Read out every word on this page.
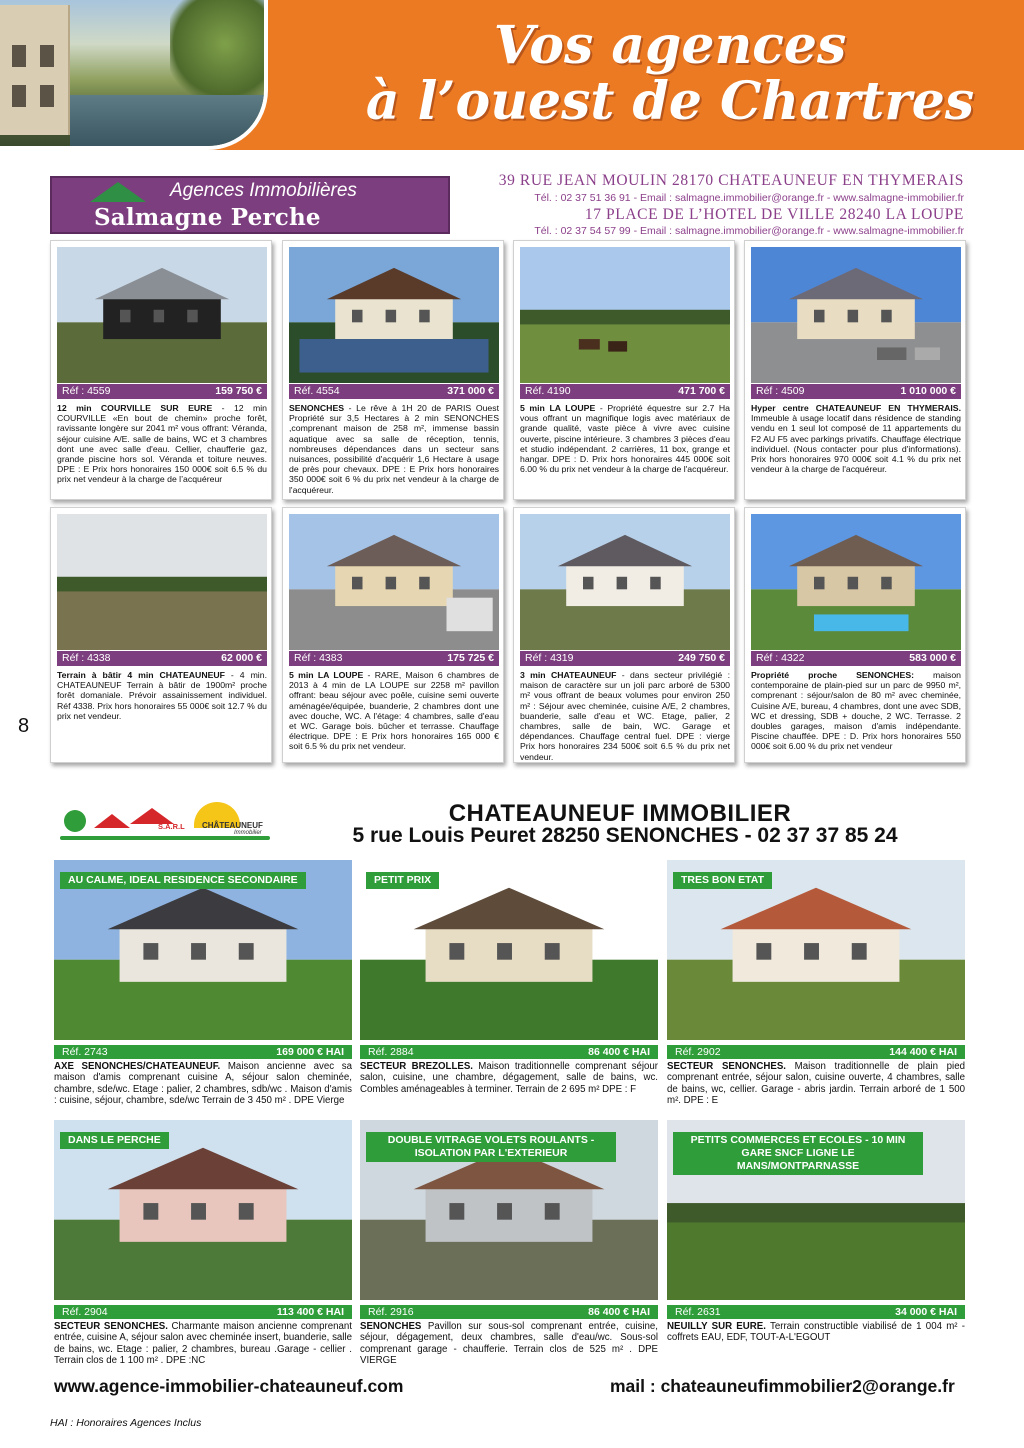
Vos agences
à l’ouest de Chartres
Agences Immobilières
Salmagne Perche
39 RUE JEAN MOULIN 28170 CHATEAUNEUF EN THYMERAIS
Tél. : 02 37 51 36 91 - Email : salmagne.immobilier@orange.fr - www.salmagne-immobilier.fr
17 PLACE DE L’HOTEL DE VILLE 28240 LA LOUPE
Tél. : 02 37 54 57 99 - Email : salmagne.immobilier@orange.fr - www.salmagne-immobilier.fr
Réf : 4559	159 750 €
12 min COURVILLE SUR EURE - 12 min COURVILLE «En bout de chemin» proche forêt, ravissante longère sur 2041 m² vous offrant: Véranda, séjour cuisine A/E. salle de bains, WC et 3 chambres dont une avec salle d'eau. Cellier, chaufferie gaz, grande piscine hors sol. Véranda et toiture neuves. DPE : E Prix hors honoraires 150 000€ soit 6.5 % du prix net vendeur à la charge de l’acquéreur
Réf. 4554	371 000 €
SENONCHES - Le rêve à 1H 20 de PARIS Ouest Propriété sur 3,5 Hectares à 2 min SENONCHES ,comprenant maison de 258 m², immense bassin aquatique avec sa salle de réception, tennis, nombreuses dépendances dans un secteur sans nuisances, possibilité d'acquérir 1,6 Hectare à usage de près pour chevaux. DPE : E Prix hors honoraires 350 000€ soit 6 % du prix net vendeur à la charge de l'acquéreur.
Réf. 4190	471 700 €
5 min LA LOUPE - Propriété équestre sur 2.7 Ha vous offrant un magnifique logis avec matériaux de grande qualité, vaste pièce à vivre avec cuisine ouverte, piscine intérieure. 3 chambres 3 pièces d'eau et studio indépendant. 2 carrières, 11 box, grange et hangar. DPE : D. Prix hors honoraires 445 000€ soit 6.00 % du prix net vendeur à la charge de l'acquéreur.
Réf : 4509	1 010 000 €
Hyper centre CHATEAUNEUF EN THYMERAIS. Immeuble à usage locatif dans résidence de standing vendu en 1 seul lot composé de 11 appartements du F2 AU F5 avec parkings privatifs. Chauffage électrique individuel. (Nous contacter pour plus d'informations). Prix hors honoraires 970 000€ soit 4.1 % du prix net vendeur à la charge de l'acquéreur.
Réf : 4338	62 000 €
Terrain à bâtir 4 min CHATEAUNEUF - 4 min. CHATEAUNEUF Terrain à bâtir de 1900m² proche forêt domaniale. Prévoir assainissement individuel. Réf 4338. Prix hors honoraires 55 000€ soit 12.7 % du prix net vendeur.
Réf : 4383	175 725 €
5 min LA LOUPE - RARE, Maison 6 chambres de 2013 à 4 min de LA LOUPE sur 2258 m² pavillon offrant: beau séjour avec poêle, cuisine semi ouverte aménagée/équipée, buanderie, 2 chambres dont une avec douche, WC. A l'étage: 4 chambres, salle d'eau et WC. Garage bois. bûcher et terrasse. Chauffage électrique. DPE : E Prix hors honoraires 165 000 € soit 6.5 % du prix net vendeur.
Réf : 4319	249 750 €
3 min CHATEAUNEUF - dans secteur privilégié : maison de caractère sur un joli parc arboré de 5300 m² vous offrant de beaux volumes pour environ 250 m² : Séjour avec cheminée, cuisine A/E, 2 chambres, buanderie, salle d'eau et WC. Etage, palier, 2 chambres, salle de bain, WC. Garage et dépendances. Chauffage central fuel. DPE : vierge Prix hors honoraires 234 500€ soit 6.5 % du prix net vendeur.
Réf : 4322	583 000 €
Propriété proche SENONCHES: maison contemporaine de plain-pied sur un parc de 9950 m², comprenant : séjour/salon de 80 m² avec cheminée, Cuisine A/E, bureau, 4 chambres, dont une avec SDB, WC et dressing, SDB + douche, 2 WC. Terrasse. 2 doubles garages, maison d'amis indépendante. Piscine chauffée. DPE : D. Prix hors honoraires 550 000€ soit 6.00 % du prix net vendeur
8
S.A.R.L CHÂTEAUNEUF
Immobilier
CHATEAUNEUF IMMOBILIER
5 rue Louis Peuret 28250 SENONCHES - 02 37 37 85 24
AU CALME, IDEAL RESIDENCE SECONDAIRE
Réf. 2743	169 000 € HAI
AXE SENONCHES/CHATEAUNEUF. Maison ancienne avec sa maison d'amis comprenant cuisine A, séjour salon cheminée, chambre, sde/wc. Etage : palier, 2 chambres, sdb/wc . Maison d'amis : cuisine, séjour, chambre, sde/wc Terrain de 3 450 m² . DPE Vierge
PETIT PRIX
Réf. 2884	86 400 € HAI
SECTEUR BREZOLLES. Maison traditionnelle comprenant séjour salon, cuisine, une chambre, dégagement, salle de bains, wc. Combles aménageables à terminer. Terrain de 2 695 m² DPE : F
TRES BON ETAT
Réf. 2902	144 400 € HAI
SECTEUR SENONCHES. Maison traditionnelle de plain pied comprenant entrée, séjour salon, cuisine ouverte, 4 chambres, salle de bains, wc, cellier. Garage - abris jardin. Terrain arboré de 1 500 m². DPE : E
DANS LE PERCHE
Réf. 2904	113 400 € HAI
SECTEUR SENONCHES. Charmante maison ancienne comprenant entrée, cuisine A, séjour salon avec cheminée insert, buanderie, salle de bains, wc. Etage : palier, 2 chambres, bureau .Garage - cellier . Terrain clos de 1 100 m² . DPE :NC
DOUBLE VITRAGE VOLETS ROULANTS - ISOLATION PAR L'EXTERIEUR
Réf. 2916	86 400 € HAI
SENONCHES Pavillon sur sous-sol comprenant entrée, cuisine, séjour, dégagement, deux chambres, salle d'eau/wc. Sous-sol comprenant garage - chaufferie. Terrain clos de 525 m² . DPE VIERGE
PETITS COMMERCES ET ECOLES - 10 MIN GARE SNCF LIGNE LE MANS/MONTPARNASSE
Réf. 2631	34 000 € HAI
NEUILLY SUR EURE. Terrain constructible viabilisé de 1 004 m² - coffrets EAU, EDF, TOUT-A-L'EGOUT
www.agence-immobilier-chateauneuf.com	mail : chateauneufimmobilier2@orange.fr
HAI : Honoraires Agences Inclus
